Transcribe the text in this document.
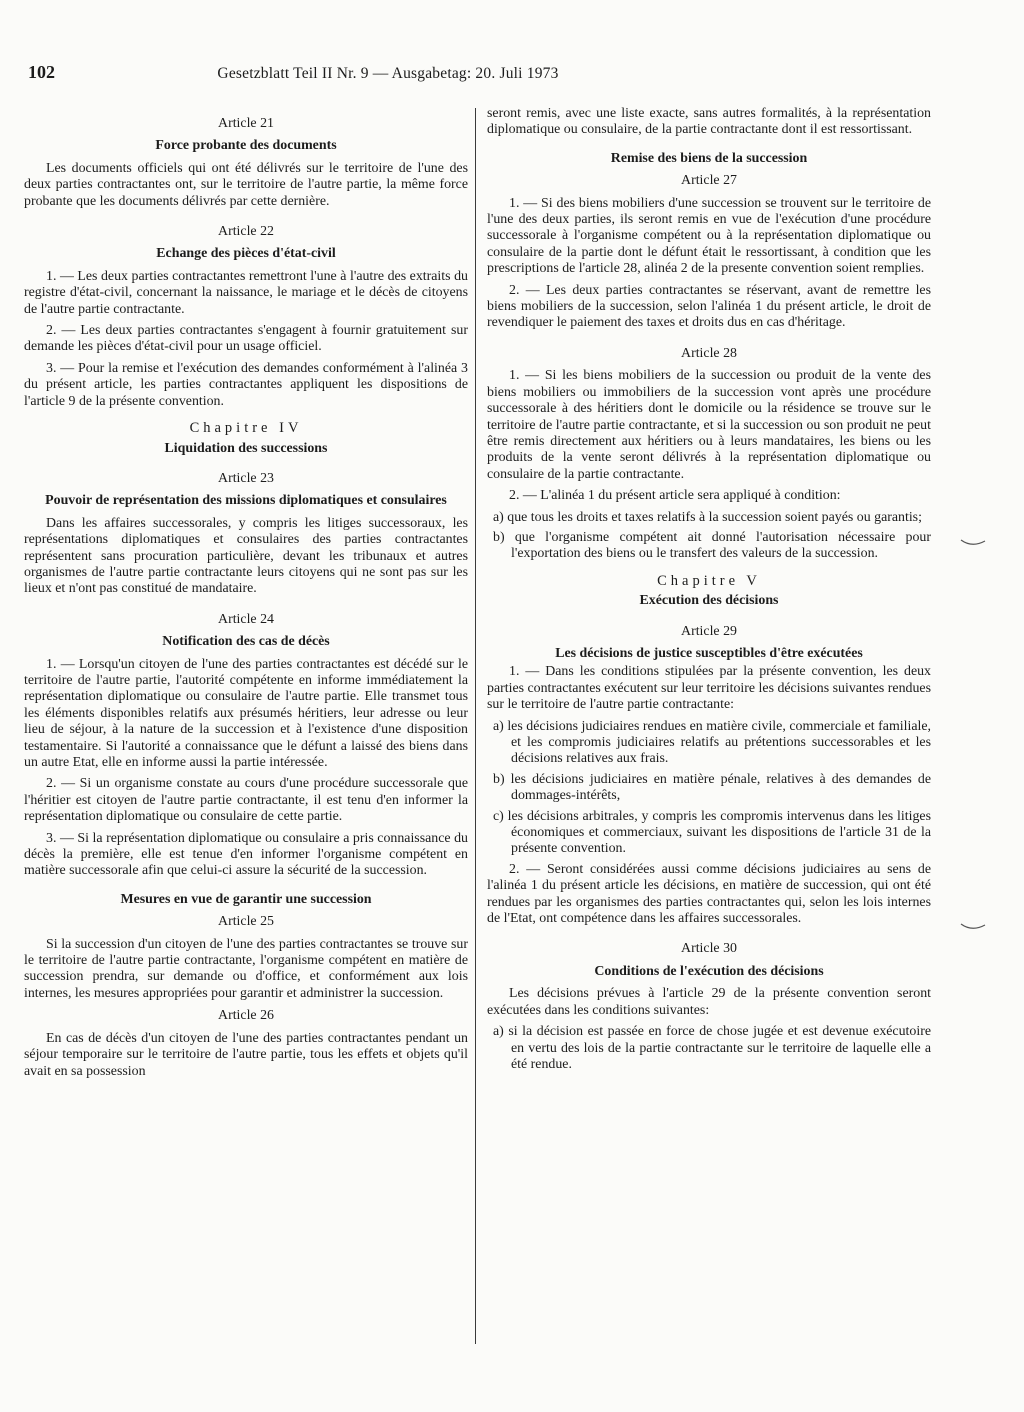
102	Gesetzblatt Teil II Nr. 9 — Ausgabetag: 20. Juli 1973
Article 21
Force probante des documents

Les documents officiels qui ont été délivrés sur le territoire de l'une des deux parties contractantes ont, sur le territoire de l'autre partie, la même force probante que les documents délivrés par cette dernière.

Article 22
Echange des pièces d'état-civil

1. — Les deux parties contractantes remettront l'une à l'autre des extraits du registre d'état-civil, concernant la naissance, le mariage et le décès de citoyens de l'autre partie contractante.

2. — Les deux parties contractantes s'engagent à fournir gratuitement sur demande les pièces d'état-civil pour un usage officiel.

3. — Pour la remise et l'exécution des demandes conformément à l'alinéa 3 du présent article, les parties contractantes appliquent les dispositions de l'article 9 de la présente convention.

Chapitre IV
Liquidation des successions
Article 23
Pouvoir de représentation des missions diplomatiques et consulaires

Dans les affaires successorales, y compris les litiges successoraux, les représentations diplomatiques et consulaires des parties contractantes représentent sans procuration particulière, devant les tribunaux et autres organismes de l'autre partie contractante leurs citoyens qui ne sont pas sur les lieux et n'ont pas constitué de mandataire.

Article 24
Notification des cas de décès

1. — Lorsqu'un citoyen de l'une des parties contractantes est décédé sur le territoire de l'autre partie, l'autorité compétente en informe immédiatement la représentation diplomatique ou consulaire de l'autre partie. Elle transmet tous les éléments disponibles relatifs aux présumés héritiers, leur adresse ou leur lieu de séjour, à la nature de la succession et à l'existence d'une disposition testamentaire. Si l'autorité a connaissance que le défunt a laissé des biens dans un autre Etat, elle en informe aussi la partie intéressée.

2. — Si un organisme constate au cours d'une procédure successorale que l'héritier est citoyen de l'autre partie contractante, il est tenu d'en informer la représentation diplomatique ou consulaire de cette partie.

3. — Si la représentation diplomatique ou consulaire a pris connaissance du décès la première, elle est tenue d'en informer l'organisme compétent en matière successorale afin que celui-ci assure la sécurité de la succession.

Mesures en vue de garantir une succession
Article 25

Si la succession d'un citoyen de l'une des parties contractantes se trouve sur le territoire de l'autre partie contractante, l'organisme compétent en matière de succession prendra, sur demande ou d'office, et conformément aux lois internes, les mesures appropriées pour garantir et administrer la succession.

Article 26

En cas de décès d'un citoyen de l'une des parties contractantes pendant un séjour temporaire sur le territoire de l'autre partie, tous les effets et objets qu'il avait en sa possession

seront remis, avec une liste exacte, sans autres formalités, à la représentation diplomatique ou consulaire, de la partie contractante dont il est ressortissant.

Remise des biens de la succession
Article 27

1. — Si des biens mobiliers d'une succession se trouvent sur le territoire de l'une des deux parties, ils seront remis en vue de l'exécution d'une procédure successorale à l'organisme compétent ou à la représentation diplomatique ou consulaire de la partie dont le défunt était le ressortissant, à condition que les prescriptions de l'article 28, alinéa 2 de la presente convention soient remplies.

2. — Les deux parties contractantes se réservant, avant de remettre les biens mobiliers de la succession, selon l'alinéa 1 du présent article, le droit de revendiquer le paiement des taxes et droits dus en cas d'héritage.

Article 28

1. — Si les biens mobiliers de la succession ou produit de la vente des biens mobiliers ou immobiliers de la succession vont après une procédure successorale à des héritiers dont le domicile ou la résidence se trouve sur le territoire de l'autre partie contractante, et si la succession ou son produit ne peut être remis directement aux héritiers ou à leurs mandataires, les biens ou les produits de la vente seront délivrés à la représentation diplomatique ou consulaire de la partie contractante.

2. — L'alinéa 1 du présent article sera appliqué à condition:

a) que tous les droits et taxes relatifs à la succession soient payés ou garantis;

b) que l'organisme compétent ait donné l'autorisation nécessaire pour l'exportation des biens ou le transfert des valeurs de la succession.

Chapitre V
Exécution des décisions
Article 29
Les décisions de justice susceptibles d'être exécutées

1. — Dans les conditions stipulées par la présente convention, les deux parties contractantes exécutent sur leur territoire les décisions suivantes rendues sur le territoire de l'autre partie contractante:

a) les décisions judiciaires rendues en matière civile, commerciale et familiale, et les compromis judiciaires relatifs au prétentions successorables et les décisions relatives aux frais.

b) les décisions judiciaires en matière pénale, relatives à des demandes de dommages-intérêts,

c) les décisions arbitrales, y compris les compromis intervenus dans les litiges économiques et commerciaux, suivant les dispositions de l'article 31 de la présente convention.

2. — Seront considérées aussi comme décisions judiciaires au sens de l'alinéa 1 du présent article les décisions, en matière de succession, qui ont été rendues par les organismes des parties contractantes qui, selon les lois internes de l'Etat, ont compétence dans les affaires successorales.

Article 30
Conditions de l'exécution des décisions

Les décisions prévues à l'article 29 de la présente convention seront exécutées dans les conditions suivantes:

a) si la décision est passée en force de chose jugée et est devenue exécutoire en vertu des lois de la partie contractante sur le territoire de laquelle elle a été rendue.
